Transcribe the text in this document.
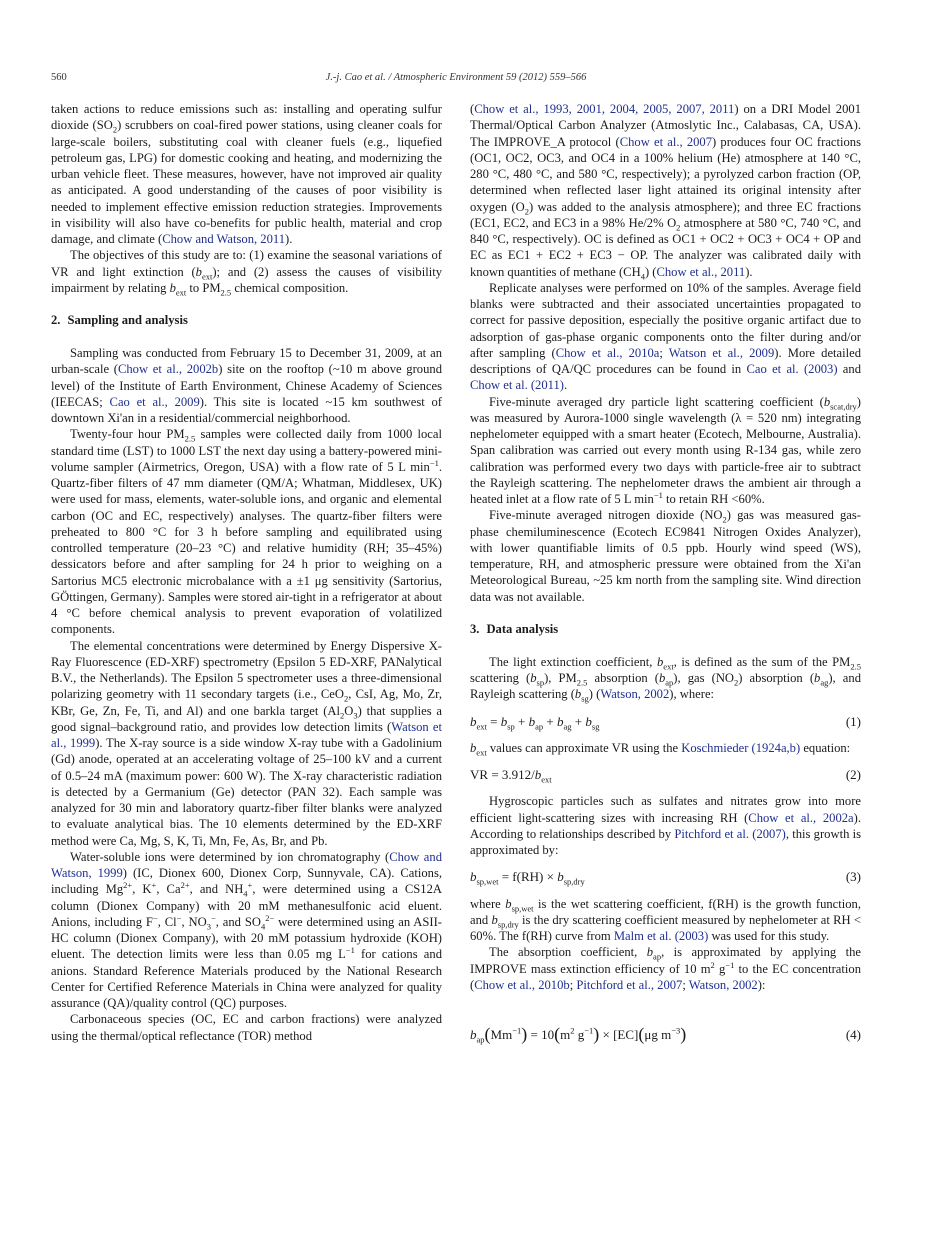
560	J.-j. Cao et al. / Atmospheric Environment 59 (2012) 559–566

taken actions to reduce emissions such as: installing and operating sulfur dioxide $(SO_2)$ scrubbers on coal-fired power stations, using cleaner coals for large-scale boilers, substituting coal with cleaner fuels (e.g., liquefied petroleum gas, LPG) for domestic cooking and heating, and modernizing the urban vehicle fleet. These measures, however, have not improved air quality as anticipated. A good understanding of the causes of poor visibility is needed to implement effective emission reduction strategies. Improvements in visibility will also have co-benefits for public health, material and crop damage, and climate (Chow and Watson, 2011).

The objectives of this study are to: (1) examine the seasonal variations of VR and light extinction $(b_{ext})$; and (2) assess the causes of visibility impairment by relating $b_{ext}$ to $PM_{2.5}$ chemical composition.

2. Sampling and analysis

Sampling was conducted from February 15 to December 31, 2009, at an urban-scale (Chow et al., 2002b) site on the rooftop (~10 m above ground level) of the Institute of Earth Environment, Chinese Academy of Sciences (IEECAS; Cao et al., 2009). This site is located ~15 km southwest of downtown Xi'an in a residential/commercial neighborhood.

Twenty-four hour $PM_{2.5}$ samples were collected daily from 1000 local standard time (LST) to 1000 LST the next day using a battery-powered mini-volume sampler (Airmetrics, Oregon, USA) with a flow rate of 5 L $\min^{-1}$. Quartz-fiber filters of 47 mm diameter (QM/A; Whatman, Middlesex, UK) were used for mass, elements, water-soluble ions, and organic and elemental carbon (OC and EC, respectively) analyses. The quartz-fiber filters were preheated to 800 °C for 3 h before sampling and equilibrated using controlled temperature (20–23 °C) and relative humidity (RH; 35–45%) dessicators before and after sampling for 24 h prior to weighing on a Sartorius MC5 electronic microbalance with a ±1 μg sensitivity (Sartorius, GÖttingen, Germany). Samples were stored air-tight in a refrigerator at about 4 °C before chemical analysis to prevent evaporation of volatilized components.

The elemental concentrations were determined by Energy Dispersive X-Ray Fluorescence (ED-XRF) spectrometry (Epsilon 5 ED-XRF, PANalytical B.V., the Netherlands). The Epsilon 5 spectrometer uses a three-dimensional polarizing geometry with 11 secondary targets (i.e., CeO$_2$, CsI, Ag, Mo, Zr, KBr, Ge, Zn, Fe, Ti, and Al) and one barkla target $(Al_2O_3)$ that supplies a good signal–background ratio, and provides low detection limits (Watson et al., 1999). The X-ray source is a side window X-ray tube with a Gadolinium (Gd) anode, operated at an accelerating voltage of 25–100 kV and a current of 0.5–24 mA (maximum power: 600 W). The X-ray characteristic radiation is detected by a Germanium (Ge) detector (PAN 32). Each sample was analyzed for 30 min and laboratory quartz-fiber filter blanks were analyzed to evaluate analytical bias. The 10 elements determined by the ED-XRF method were Ca, Mg, S, K, Ti, Mn, Fe, As, Br, and Pb.

Water-soluble ions were determined by ion chromatography (Chow and Watson, 1999) (IC, Dionex 600, Dionex Corp, Sunnyvale, CA). Cations, including $Mg^{2+}$, K+, $Ca^{2+}$, and $NH_4^+$, were determined using a CS12A column (Dionex Company) with 20 mM methanesulfonic acid eluent. Anions, including F−, Cl−, $NO_3^-$, and $SO_4^{2-}$ were determined using an ASII-HC column (Dionex Company), with 20 mM potassium hydroxide (KOH) eluent. The detection limits were less than 0.05 mg $L^{-1}$ for cations and anions. Standard Reference Materials produced by the National Research Center for Certified Reference Materials in China were analyzed for quality assurance (QA)/quality control (QC) purposes.

Carbonaceous species (OC, EC and carbon fractions) were analyzed using the thermal/optical reflectance (TOR) method

(Chow et al., 1993, 2001, 2004, 2005, 2007, 2011) on a DRI Model 2001 Thermal/Optical Carbon Analyzer (Atmoslytic Inc., Calabasas, CA, USA). The IMPROVE_A protocol (Chow et al., 2007) produces four OC fractions (OC1, OC2, OC3, and OC4 in a 100% helium (He) atmosphere at 140 °C, 280 °C, 480 °C, and 580 °C, respectively); a pyrolyzed carbon fraction (OP, determined when reflected laser light attained its original intensity after oxygen $(O_2)$ was added to the analysis atmosphere); and three EC fractions (EC1, EC2, and EC3 in a 98% He/2% $O_2$ atmosphere at 580 °C, 740 °C, and 840 °C, respectively). OC is defined as OC1 + OC2 + OC3 + OC4 + OP and EC as EC1 + EC2 + EC3 − OP. The analyzer was calibrated daily with known quantities of methane $(CH_4)$ (Chow et al., 2011).

Replicate analyses were performed on 10% of the samples. Average field blanks were subtracted and their associated uncertainties propagated to correct for passive deposition, especially the positive organic artifact due to adsorption of gas-phase organic components onto the filter during and/or after sampling (Chow et al., 2010a; Watson et al., 2009). More detailed descriptions of QA/QC procedures can be found in Cao et al. (2003) and Chow et al. (2011).

Five-minute averaged dry particle light scattering coefficient $(b_{scat,dry})$ was measured by Aurora-1000 single wavelength (λ = 520 nm) integrating nephelometer equipped with a smart heater (Ecotech, Melbourne, Australia). Span calibration was carried out every month using R-134 gas, while zero calibration was performed every two days with particle-free air to subtract the Rayleigh scattering. The nephelometer draws the ambient air through a heated inlet at a flow rate of 5 L $\min^{-1}$ to retain RH <60%.

Five-minute averaged nitrogen dioxide $(NO_2)$ gas was measured gas-phase chemiluminescence (Ecotech EC9841 Nitrogen Oxides Analyzer), with lower quantifiable limits of 0.5 ppb. Hourly wind speed (WS), temperature, RH, and atmospheric pressure were obtained from the Xi'an Meteorological Bureau, ~25 km north from the sampling site. Wind direction data was not available.

3. Data analysis

The light extinction coefficient, $b_{ext}$, is defined as the sum of the $PM_{2.5}$ scattering $(b_{sp})$, $PM_{2.5}$ absorption $(b_{ap})$, gas $(NO_2)$ absorption $(b_{ag})$, and Rayleigh scattering $(b_{sg})$ (Watson, 2002), where:

$b_{ext} = b_{sp} + b_{ap} + b_{ag} + b_{sg}$	(1)

$b_{ext}$ values can approximate VR using the Koschmieder (1924a,b) equation:

VR = $3.912/b_{ext}$	(2)

Hygroscopic particles such as sulfates and nitrates grow into more efficient light-scattering sizes with increasing RH (Chow et al., 2002a). According to relationships described by Pitchford et al. (2007), this growth is approximated by:

$b_{sp,wet} = f(RH) \times b_{sp,dry}$	(3)

where $b_{sp,wet}$ is the wet scattering coefficient, f(RH) is the growth function, and $b_{sp,dry}$ is the dry scattering coefficient measured by nephelometer at RH < 60%. The f(RH) curve from Malm et al. (2003) was used for this study.

The absorption coefficient, $b_{ap}$, is approximated by applying the IMPROVE mass extinction efficiency of 10 $m^2$ $g^{-1}$ to the EC concentration (Chow et al., 2010b; Pitchford et al., 2007; Watson, 2002):

$b_{ap}(Mm^{-1}) = 10(m^2$ $g^{-1}) \times [EC](\mu g$ $m^{-3}$)	(4)
